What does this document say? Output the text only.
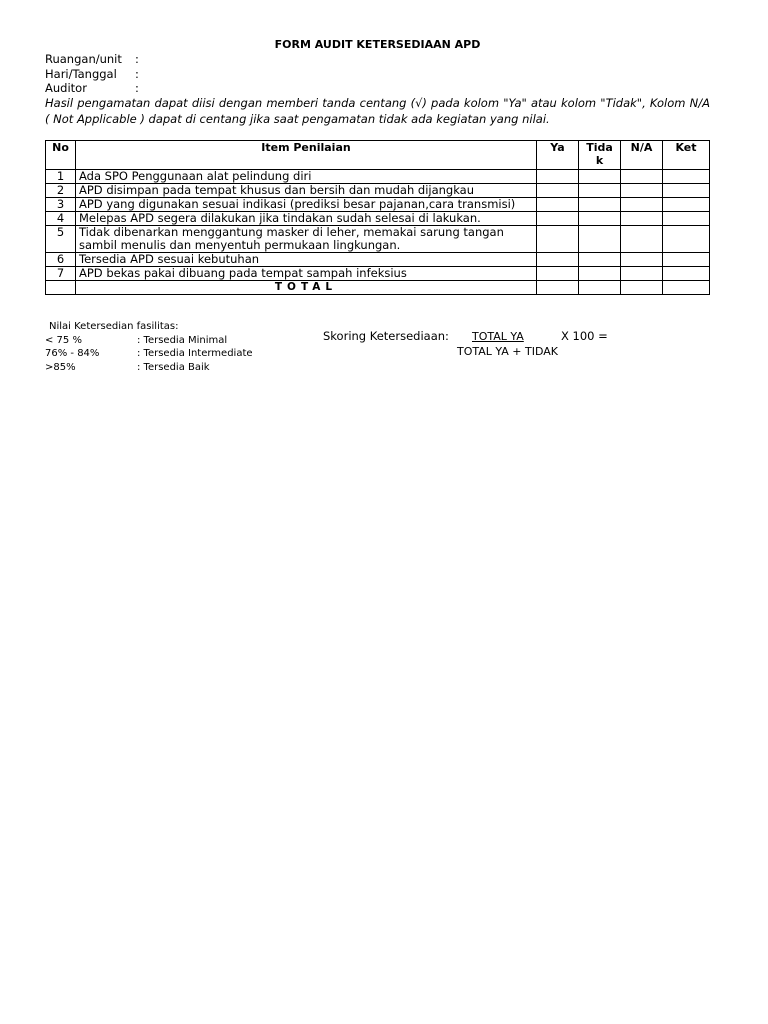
FORM AUDIT KETERSEDIAAN APD
Ruangan/unit :
Hari/Tanggal :
Auditor	:
Hasil pengamatan dapat diisi dengan memberi tanda centang (√) pada kolom "Ya" atau kolom "Tidak", Kolom N/A ( Not Applicable ) dapat di centang jika saat pengamatan tidak ada kegiatan yang nilai.
No	Item Penilaian	Ya	Tida k	N/A	Ket
1	Ada SPO Penggunaan alat pelindung diri				
2	APD disimpan pada tempat khusus dan bersih dan mudah dijangkau				
3	APD yang digunakan sesuai indikasi (prediksi besar pajanan,cara transmisi)				
4	Melepas APD segera dilakukan jika tindakan sudah selesai di lakukan.				
5	Tidak dibenarkan menggantung masker di leher, memakai sarung tangan sambil menulis dan menyentuh permukaan lingkungan.				
6	Tersedia APD sesuai kebutuhan				
7	APD bekas pakai dibuang pada tempat sampah infeksius				
	TOTAL				
Nilai Ketersedian fasilitas:
< 75 %	: Tersedia Minimal
76% - 84%	: Tersedia Intermediate
>85%	: Tersedia Baik
Skoring Ketersediaan: TOTAL YA	X 100 =
TOTAL YA + TIDAK
